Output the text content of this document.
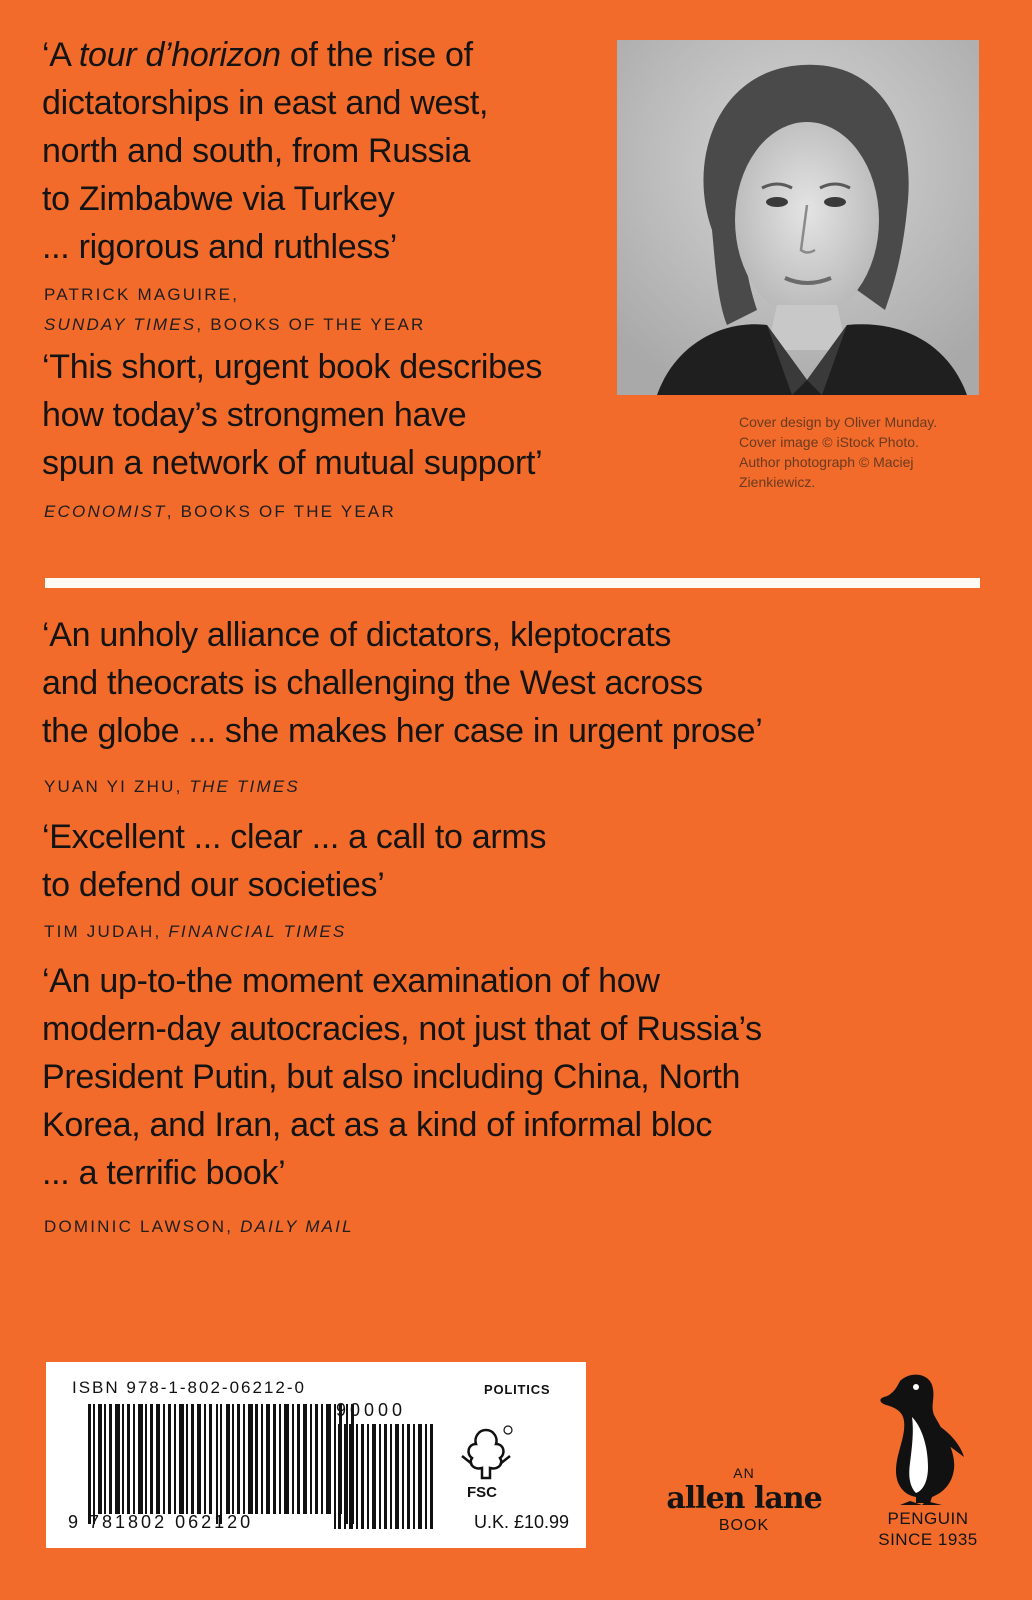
‘A tour d’horizon of the rise of
dictatorships in east and west,
north and south, from Russia
to Zimbabwe via Turkey
... rigorous and ruthless’
PATRICK MAGUIRE,
SUNDAY TIMES, BOOKS OF THE YEAR
‘This short, urgent book describes
how today’s strongmen have
spun a network of mutual support’
ECONOMIST, BOOKS OF THE YEAR
Cover design by Oliver Munday.
Cover image © iStock Photo.
Author photograph © Maciej
Zienkiewicz.
‘An unholy alliance of dictators, kleptocrats
and theocrats is challenging the West across
the globe ... she makes her case in urgent prose’
YUAN YI ZHU, THE TIMES
‘Excellent ... clear ... a call to arms
to defend our societies’
TIM JUDAH, FINANCIAL TIMES
‘An up-to-the moment examination of how
modern-day autocracies, not just that of Russia’s
President Putin, but also including China, North
Korea, and Iran, act as a kind of informal bloc
... a terrific book’
DOMINIC LAWSON, DAILY MAIL
ISBN 978-1-802-06212-0	POLITICS
9 781802 062120
90000
FSC
U.K. £10.99
AN
allen lane
BOOK	PENGUIN
SINCE 1935
